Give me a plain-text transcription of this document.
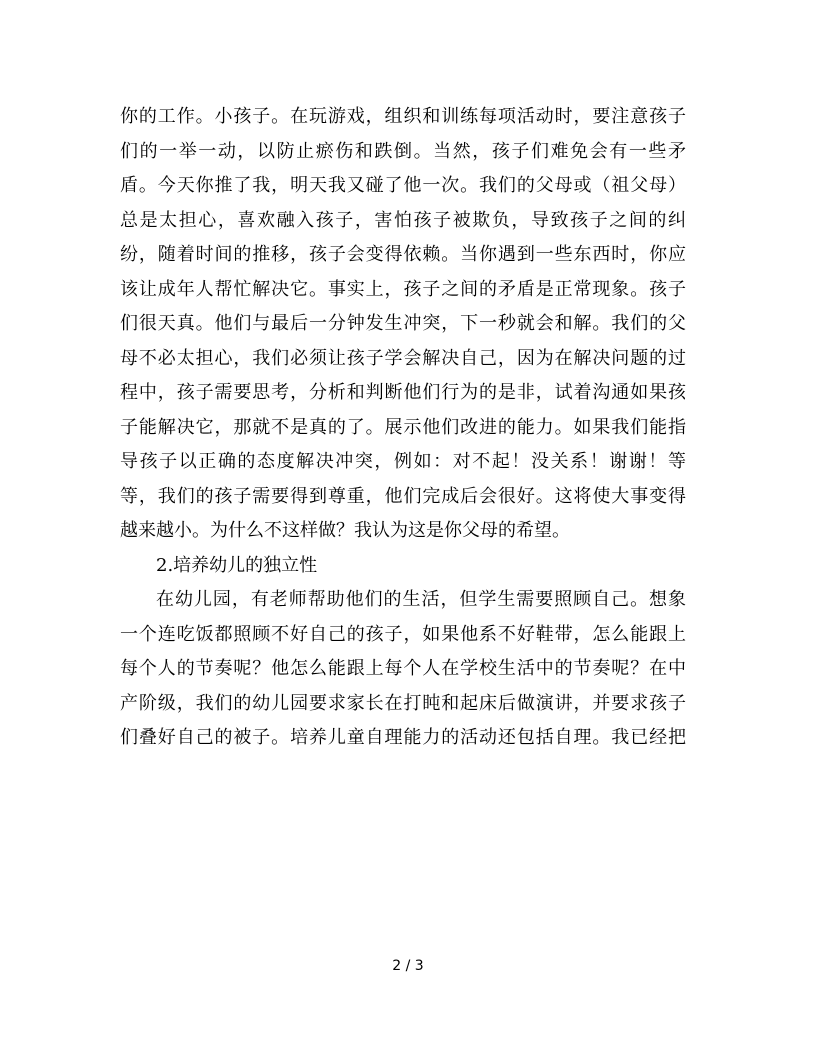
你的工作。小孩子。在玩游戏，组织和训练每项活动时，要注意孩子
们的一举一动，以防止瘀伤和跌倒。当然，孩子们难免会有一些矛
盾。今天你推了我，明天我又碰了他一次。我们的父母或（祖父母）
总是太担心，喜欢融入孩子，害怕孩子被欺负，导致孩子之间的纠
纷，随着时间的推移，孩子会变得依赖。当你遇到一些东西时，你应
该让成年人帮忙解决它。事实上，孩子之间的矛盾是正常现象。孩子
们很天真。他们与最后一分钟发生冲突，下一秒就会和解。我们的父
母不必太担心，我们必须让孩子学会解决自己，因为在解决问题的过
程中，孩子需要思考，分析和判断他们行为的是非，试着沟通如果孩
子能解决它，那就不是真的了。展示他们改进的能力。如果我们能指
导孩子以正确的态度解决冲突，例如：对不起！没关系！谢谢！等
等，我们的孩子需要得到尊重，他们完成后会很好。这将使大事变得
越来越小。为什么不这样做？我认为这是你父母的希望。
2.培养幼儿的独立性
在幼儿园，有老师帮助他们的生活，但学生需要照顾自己。想象
一个连吃饭都照顾不好自己的孩子，如果他系不好鞋带，怎么能跟上
每个人的节奏呢？他怎么能跟上每个人在学校生活中的节奏呢？在中
产阶级，我们的幼儿园要求家长在打盹和起床后做演讲，并要求孩子
们叠好自己的被子。培养儿童自理能力的活动还包括自理。我已经把
2 / 3
